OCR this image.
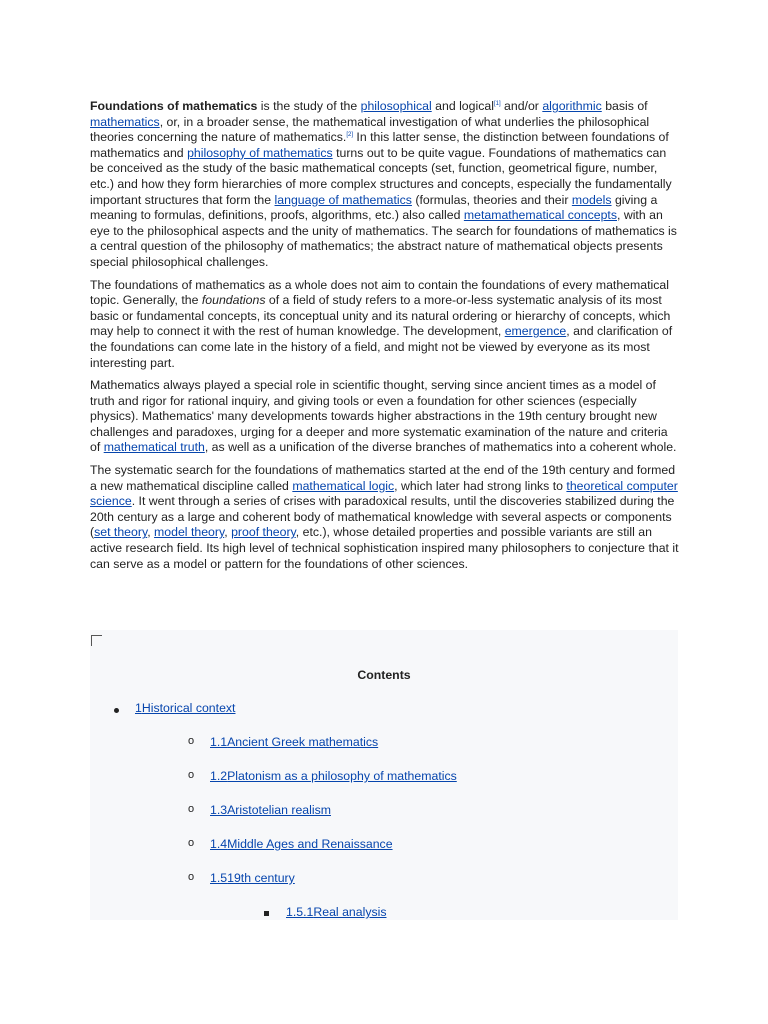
Foundations of mathematics is the study of the philosophical and logical[1] and/or algorithmic basis of mathematics, or, in a broader sense, the mathematical investigation of what underlies the philosophical theories concerning the nature of mathematics.[2] In this latter sense, the distinction between foundations of mathematics and philosophy of mathematics turns out to be quite vague. Foundations of mathematics can be conceived as the study of the basic mathematical concepts (set, function, geometrical figure, number, etc.) and how they form hierarchies of more complex structures and concepts, especially the fundamentally important structures that form the language of mathematics (formulas, theories and their models giving a meaning to formulas, definitions, proofs, algorithms, etc.) also called metamathematical concepts, with an eye to the philosophical aspects and the unity of mathematics. The search for foundations of mathematics is a central question of the philosophy of mathematics; the abstract nature of mathematical objects presents special philosophical challenges.

The foundations of mathematics as a whole does not aim to contain the foundations of every mathematical topic. Generally, the foundations of a field of study refers to a more-or-less systematic analysis of its most basic or fundamental concepts, its conceptual unity and its natural ordering or hierarchy of concepts, which may help to connect it with the rest of human knowledge. The development, emergence, and clarification of the foundations can come late in the history of a field, and might not be viewed by everyone as its most interesting part.

Mathematics always played a special role in scientific thought, serving since ancient times as a model of truth and rigor for rational inquiry, and giving tools or even a foundation for other sciences (especially physics). Mathematics' many developments towards higher abstractions in the 19th century brought new challenges and paradoxes, urging for a deeper and more systematic examination of the nature and criteria of mathematical truth, as well as a unification of the diverse branches of mathematics into a coherent whole.

The systematic search for the foundations of mathematics started at the end of the 19th century and formed a new mathematical discipline called mathematical logic, which later had strong links to theoretical computer science. It went through a series of crises with paradoxical results, until the discoveries stabilized during the 20th century as a large and coherent body of mathematical knowledge with several aspects or components (set theory, model theory, proof theory, etc.), whose detailed properties and possible variants are still an active research field. Its high level of technical sophistication inspired many philosophers to conjecture that it can serve as a model or pattern for the foundations of other sciences.

Contents
1Historical context
o 1.1Ancient Greek mathematics
o 1.2Platonism as a philosophy of mathematics
o 1.3Aristotelian realism
o 1.4Middle Ages and Renaissance
o 1.519th century
1.5.1Real analysis
